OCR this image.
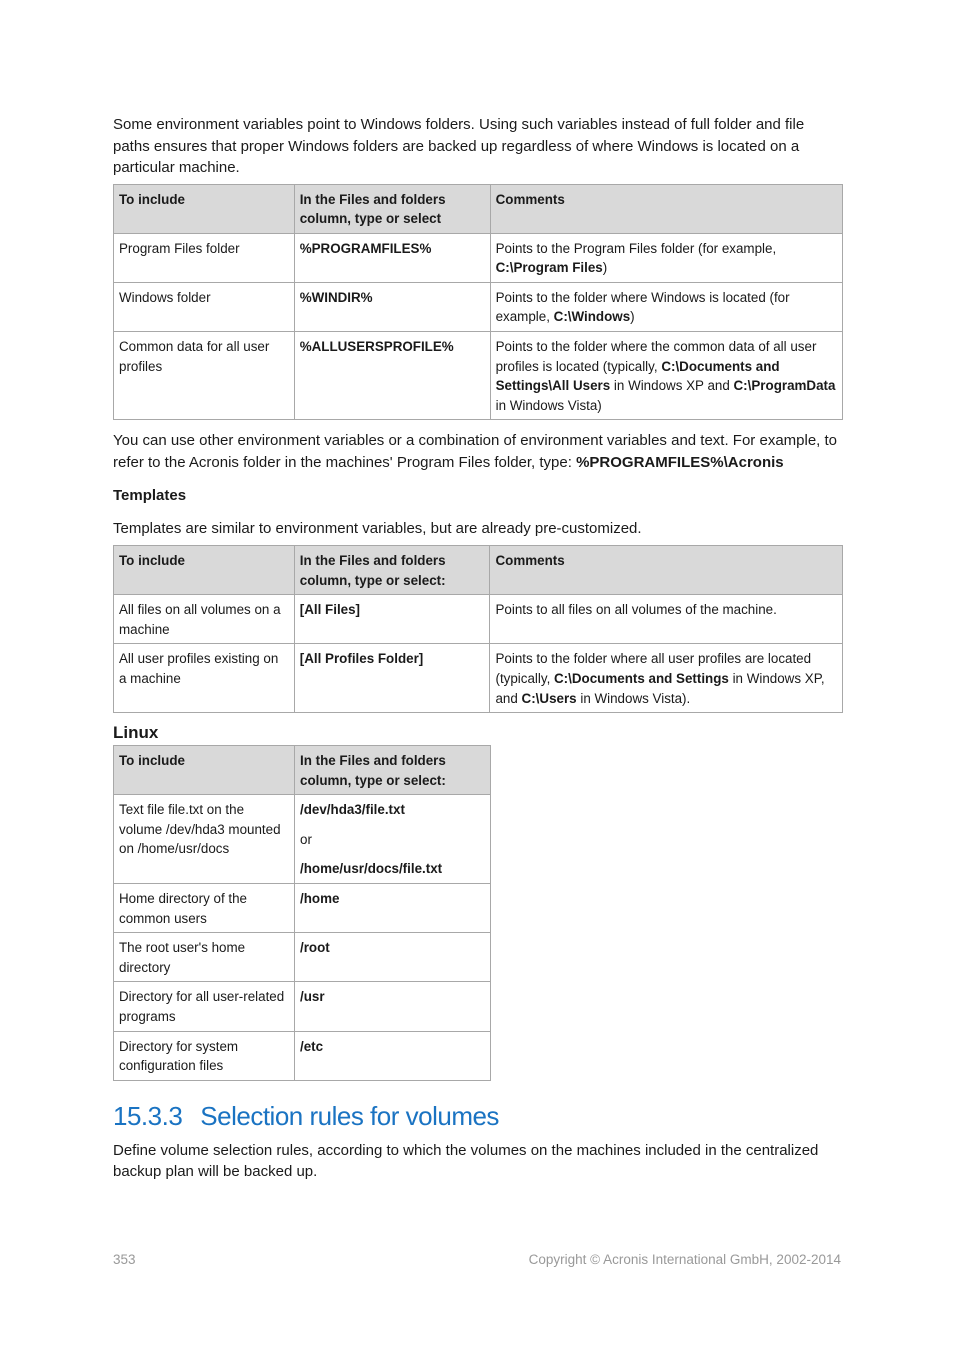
Some environment variables point to Windows folders. Using such variables instead of full folder and file paths ensures that proper Windows folders are backed up regardless of where Windows is located on a particular machine.

To include	In the Files and folders column, type or select	Comments
Program Files folder	%PROGRAMFILES%	Points to the Program Files folder (for example, C:\Program Files)
Windows folder	%WINDIR%	Points to the folder where Windows is located (for example, C:\Windows)
Common data for all user profiles	%ALLUSERSPROFILE%	Points to the folder where the common data of all user profiles is located (typically, C:\Documents and Settings\All Users in Windows XP and C:\ProgramData in Windows Vista)

You can use other environment variables or a combination of environment variables and text. For example, to refer to the Acronis folder in the machines' Program Files folder, type: %PROGRAMFILES%\Acronis

Templates

Templates are similar to environment variables, but are already pre-customized.

To include	In the Files and folders column, type or select:	Comments
All files on all volumes on a machine	[All Files]	Points to all files on all volumes of the machine.
All user profiles existing on a machine	[All Profiles Folder]	Points to the folder where all user profiles are located (typically, C:\Documents and Settings in Windows XP, and C:\Users in Windows Vista).

Linux

To include	In the Files and folders column, type or select:
Text file file.txt on the volume /dev/hda3 mounted on /home/usr/docs	/dev/hda3/file.txt
or
/home/usr/docs/file.txt

Home directory of the common users	/home
The root user's home directory	/root
Directory for all user-related programs	/usr
Directory for system configuration files	/etc
15.3.3 Selection rules for volumes

Define volume selection rules, according to which the volumes on the machines included in the centralized backup plan will be backed up.

353	Copyright © Acronis International GmbH, 2002-2014
